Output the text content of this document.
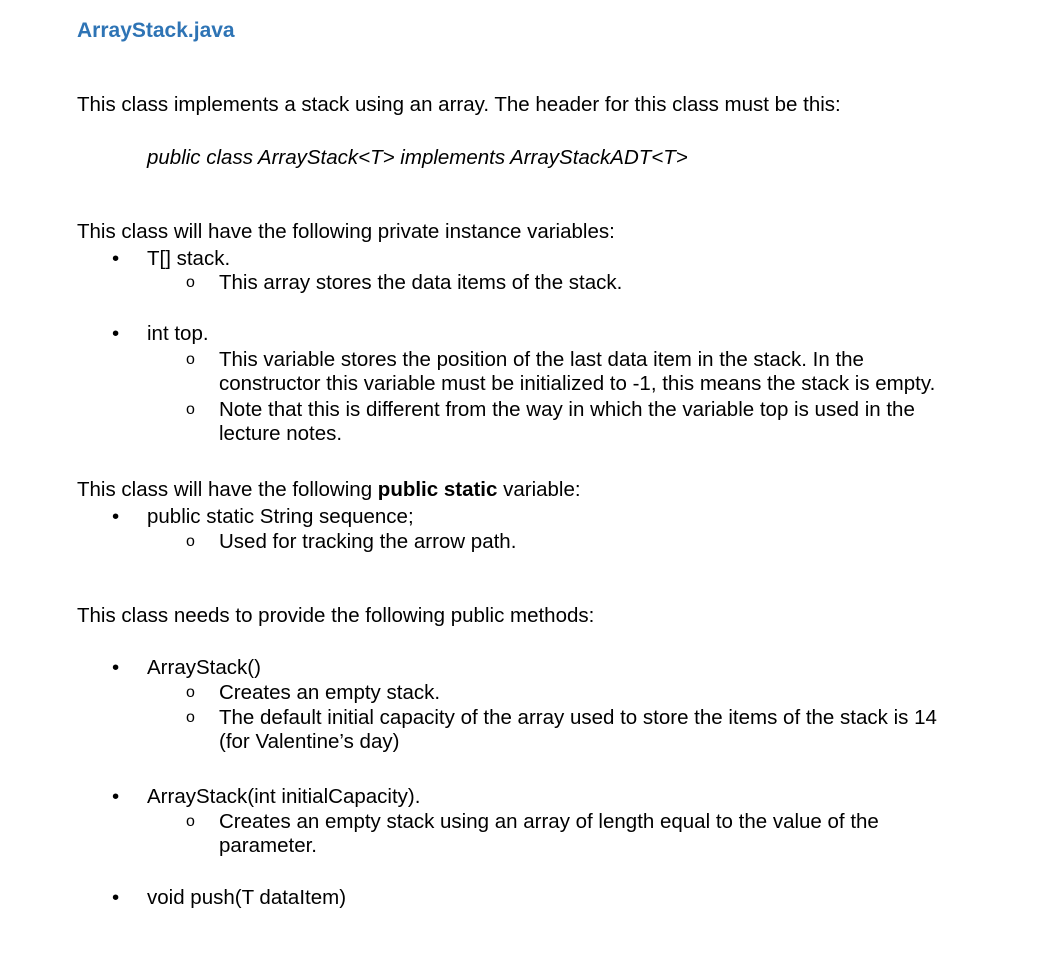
ArrayStack.java
This class implements a stack using an array. The header for this class must be this:
public class ArrayStack<T> implements ArrayStackADT<T>
This class will have the following private instance variables:
•	T[] stack.
o This array stores the data items of the stack.
•	int top.
o This variable stores the position of the last data item in the stack. In the
constructor this variable must be initialized to -1, this means the stack is empty.
o Note that this is different from the way in which the variable top is used in the
lecture notes.
This class will have the following public static variable:
•	public static String sequence;
o Used for tracking the arrow path.
This class needs to provide the following public methods:
•	ArrayStack()
o Creates an empty stack.
o The default initial capacity of the array used to store the items of the stack is 14
(for Valentine’s day)
•	ArrayStack(int initialCapacity).
o Creates an empty stack using an array of length equal to the value of the
parameter.
•	void push(T dataItem)
